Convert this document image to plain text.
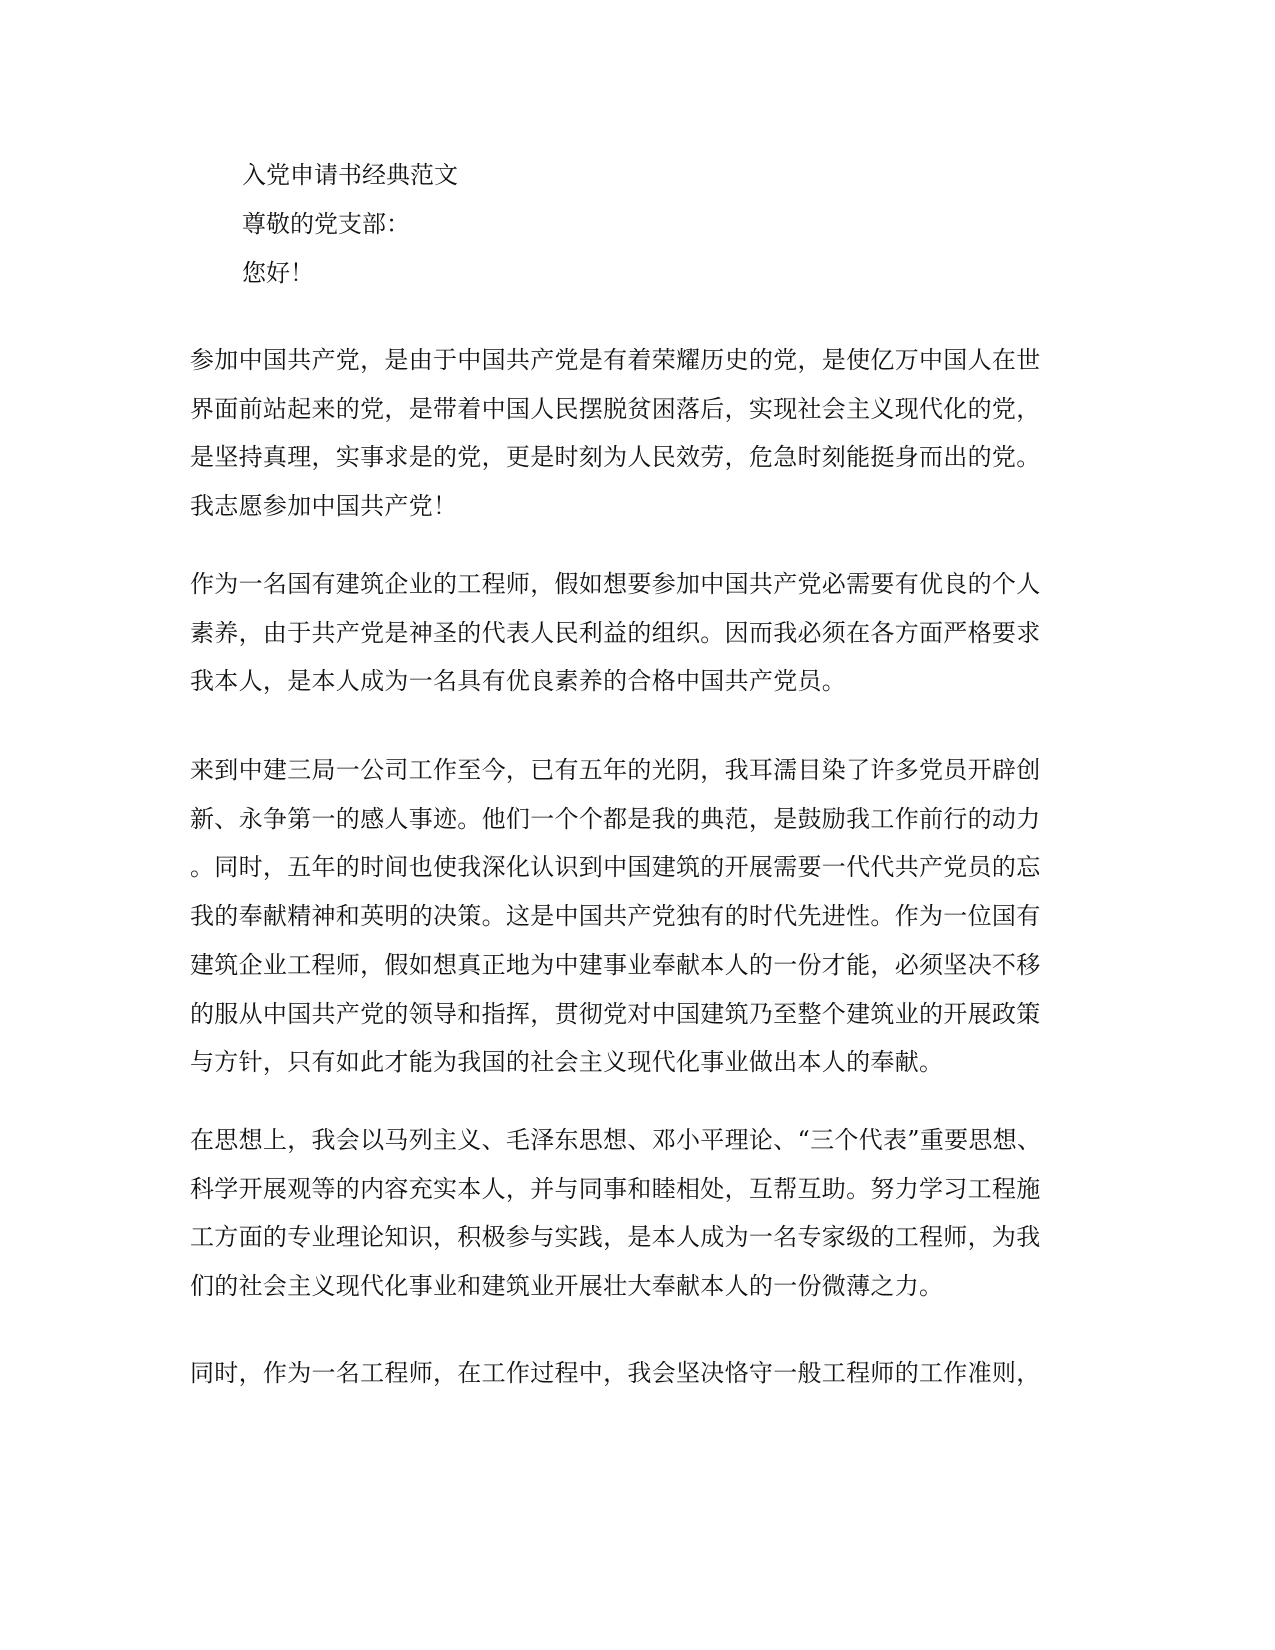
入党申请书经典范文
尊敬的党支部：
您好！

参加中国共产党，是由于中国共产党是有着荣耀历史的党，是使亿万中国人在世
界面前站起来的党，是带着中国人民摆脱贫困落后，实现社会主义现代化的党，
是坚持真理，实事求是的党，更是时刻为人民效劳，危急时刻能挺身而出的党。
我志愿参加中国共产党！

作为一名国有建筑企业的工程师，假如想要参加中国共产党必需要有优良的个人
素养，由于共产党是神圣的代表人民利益的组织。因而我必须在各方面严格要求
我本人，是本人成为一名具有优良素养的合格中国共产党员。

来到中建三局一公司工作至今，已有五年的光阴，我耳濡目染了许多党员开辟创
新、永争第一的感人事迹。他们一个个都是我的典范，是鼓励我工作前行的动力
。同时，五年的时间也使我深化认识到中国建筑的开展需要一代代共产党员的忘
我的奉献精神和英明的决策。这是中国共产党独有的时代先进性。作为一位国有
建筑企业工程师，假如想真正地为中建事业奉献本人的一份才能，必须坚决不移
的服从中国共产党的领导和指挥，贯彻党对中国建筑乃至整个建筑业的开展政策
与方针，只有如此才能为我国的社会主义现代化事业做出本人的奉献。

在思想上，我会以马列主义、毛泽东思想、邓小平理论、“三个代表”重要思想、
科学开展观等的内容充实本人，并与同事和睦相处，互帮互助。努力学习工程施
工方面的专业理论知识，积极参与实践，是本人成为一名专家级的工程师，为我
们的社会主义现代化事业和建筑业开展壮大奉献本人的一份微薄之力。

同时，作为一名工程师，在工作过程中，我会坚决恪守一般工程师的工作准则，
